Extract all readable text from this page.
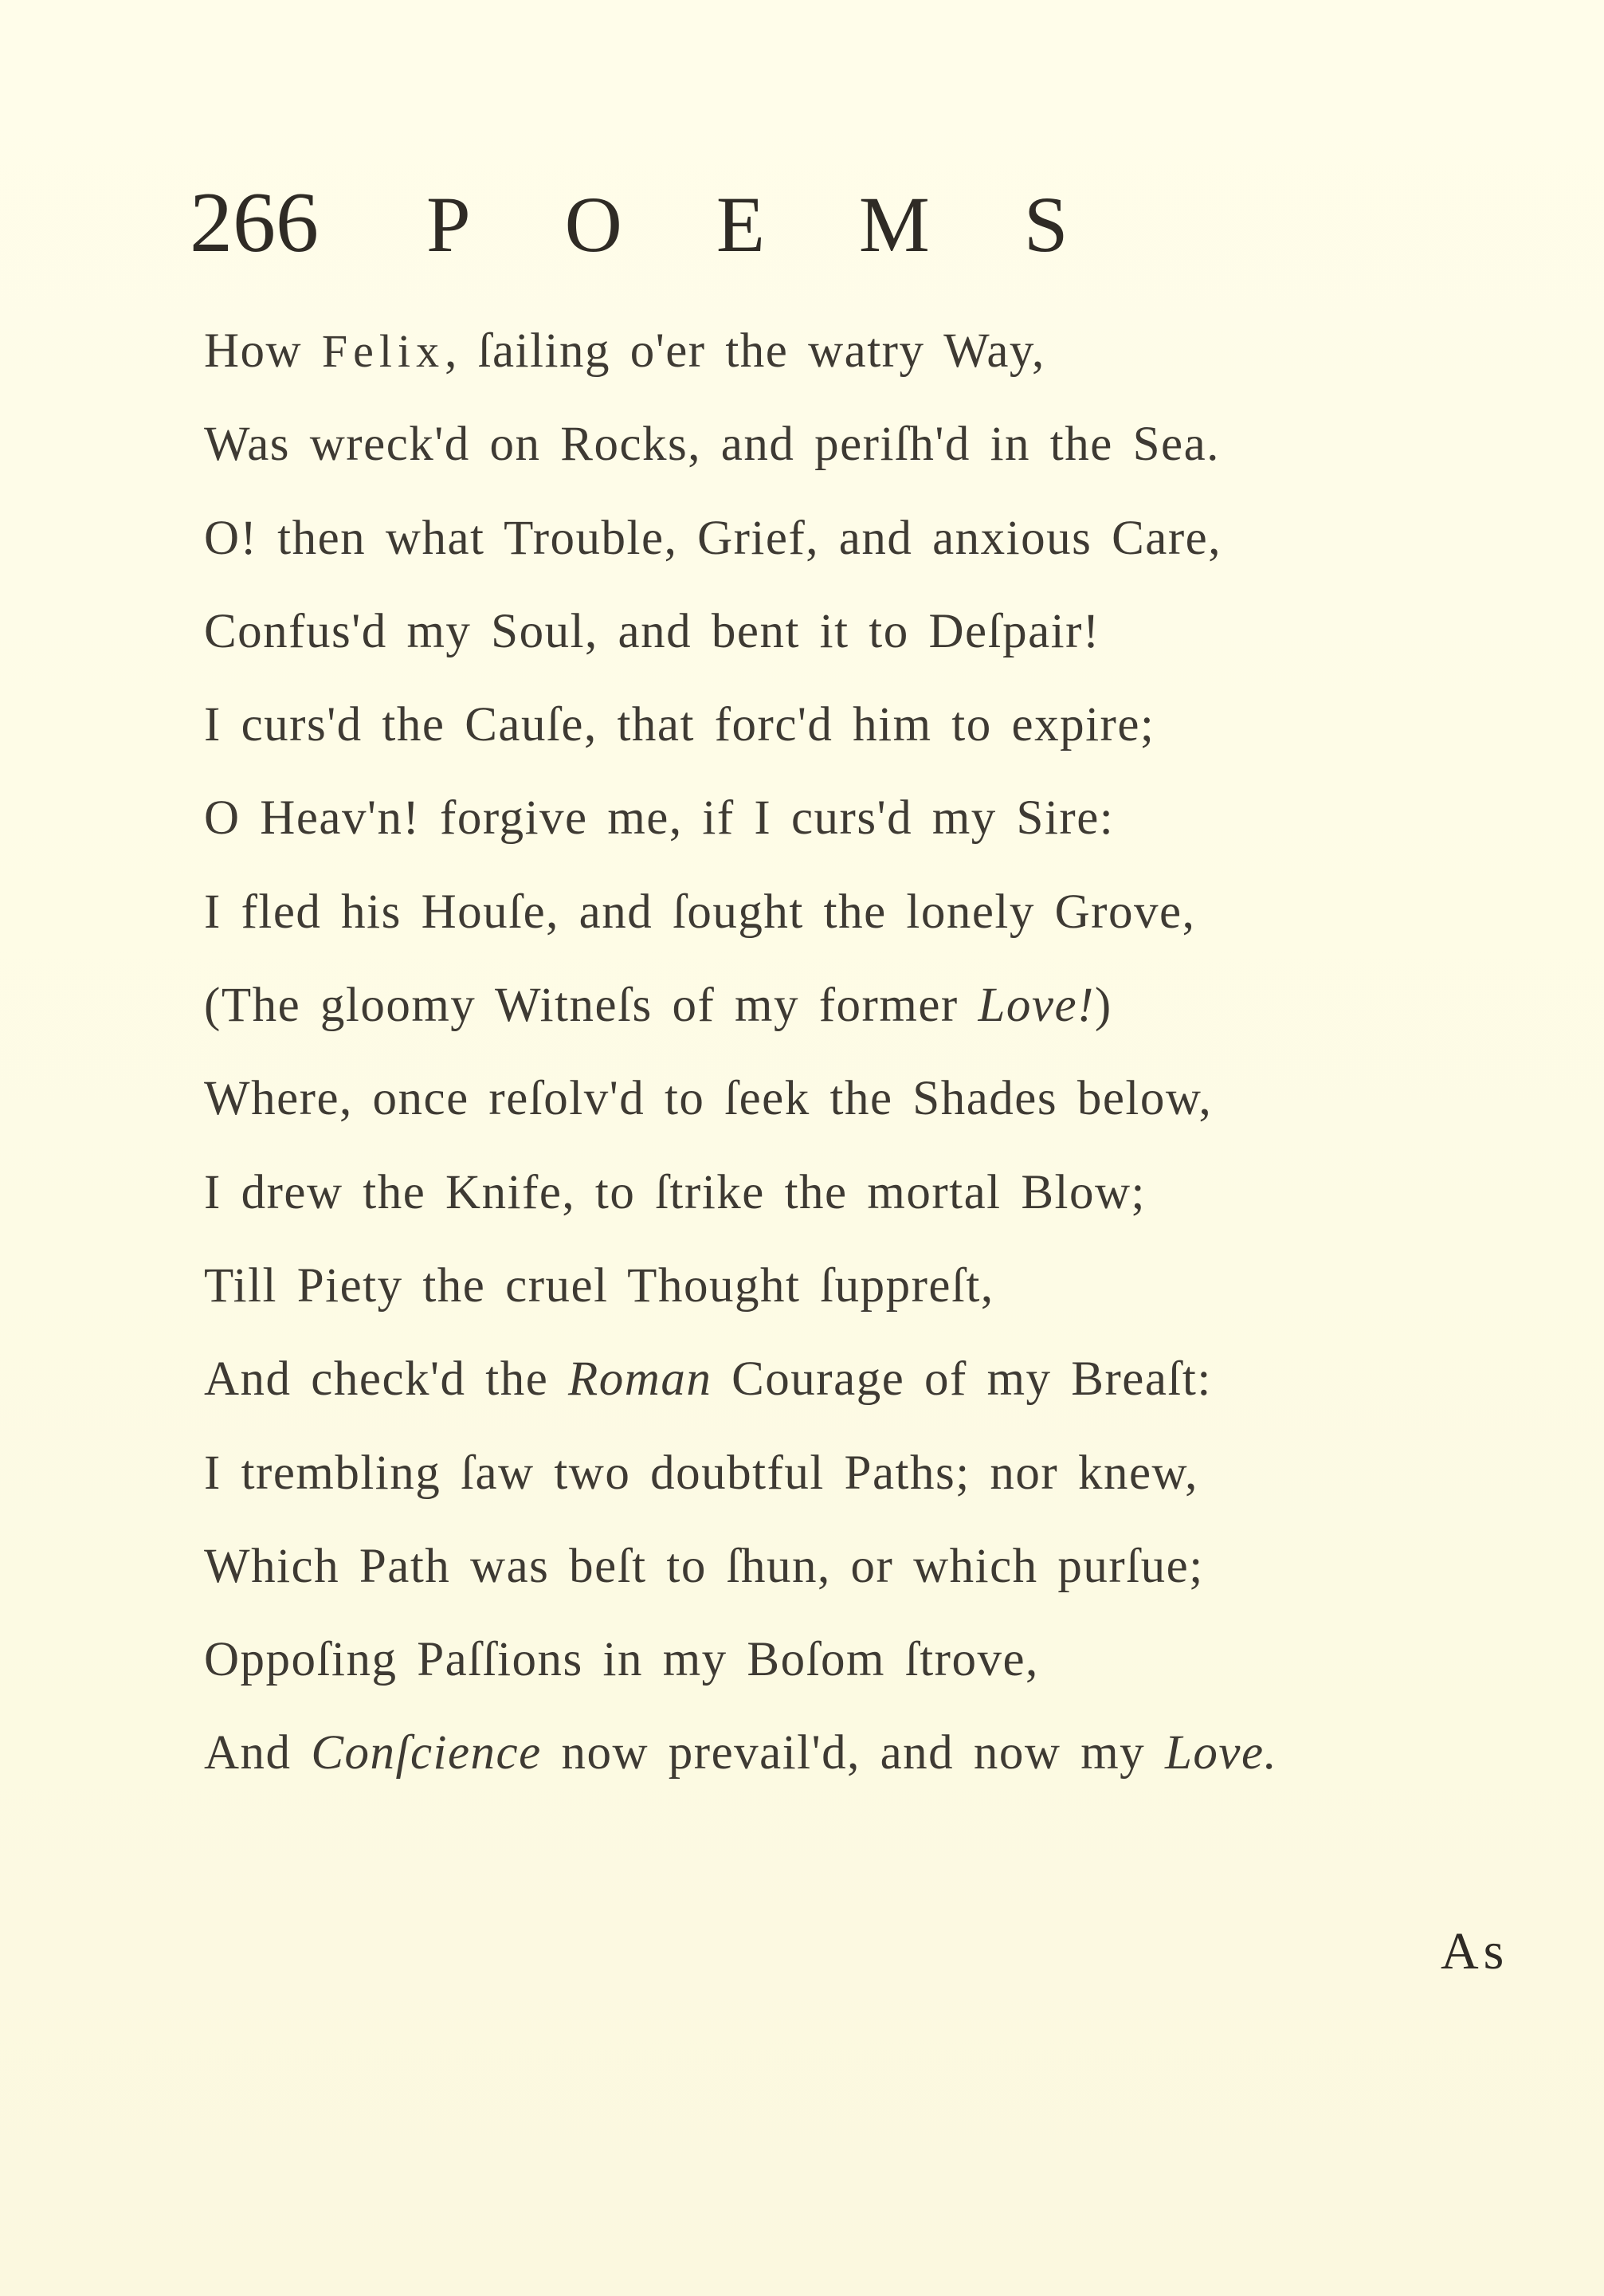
266 POEMS
How Felix, ſailing o'er the watry Way,
Was wreck'd on Rocks, and periſh'd in the Sea.
O! then what Trouble, Grief, and anxious Care,
Confus'd my Soul, and bent it to Deſpair!
I curs'd the Cauſe, that forc'd him to expire;
O Heav'n! forgive me, if I curs'd my Sire:
I fled his Houſe, and ſought the lonely Grove,
(The gloomy Witneſs of my former Love!)
Where, once reſolv'd to ſeek the Shades below,
I drew the Knife, to ſtrike the mortal Blow;
Till Piety the cruel Thought ſuppreſt,
And check'd the Roman Courage of my Breaſt:
I trembling ſaw two doubtful Paths; nor knew,
Which Path was beſt to ſhun, or which purſue;
Oppoſing Paſſions in my Boſom ſtrove,
And Conſcience now prevail'd, and now my Love.
As
